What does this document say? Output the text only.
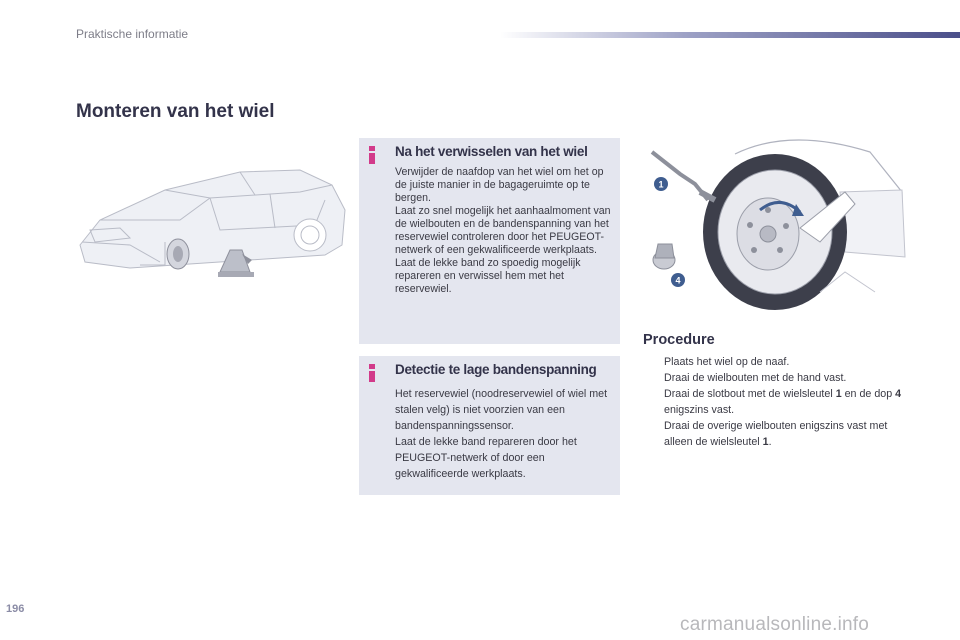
Praktische informatie
Monteren van het wiel
1
4
Na het verwisselen van het wiel

Verwijder de naafdop van het wiel om het op de juiste manier in de bagageruimte op te bergen.

Laat zo snel mogelijk het aanhaalmoment van de wielbouten en de bandenspanning van het reservewiel controleren door het PEUGEOT-netwerk of een gekwalificeerde werkplaats.

Laat de lekke band zo spoedig mogelijk repareren en verwissel hem met het reservewiel.

Detectie te lage bandenspanning

Het reservewiel (noodreservewiel of wiel met stalen velg) is niet voorzien van een bandenspanningssensor.

Laat de lekke band repareren door het PEUGEOT-netwerk of door een gekwalificeerde werkplaats.

Procedure
Plaats het wiel op de naaf.
Draai de wielbouten met de hand vast.
Draai de slotbout met de wielsleutel 1 en de dop 4 enigszins vast.
Draai de overige wielbouten enigszins vast met alleen de wielsleutel 1.
196
carmanualsonline.info
